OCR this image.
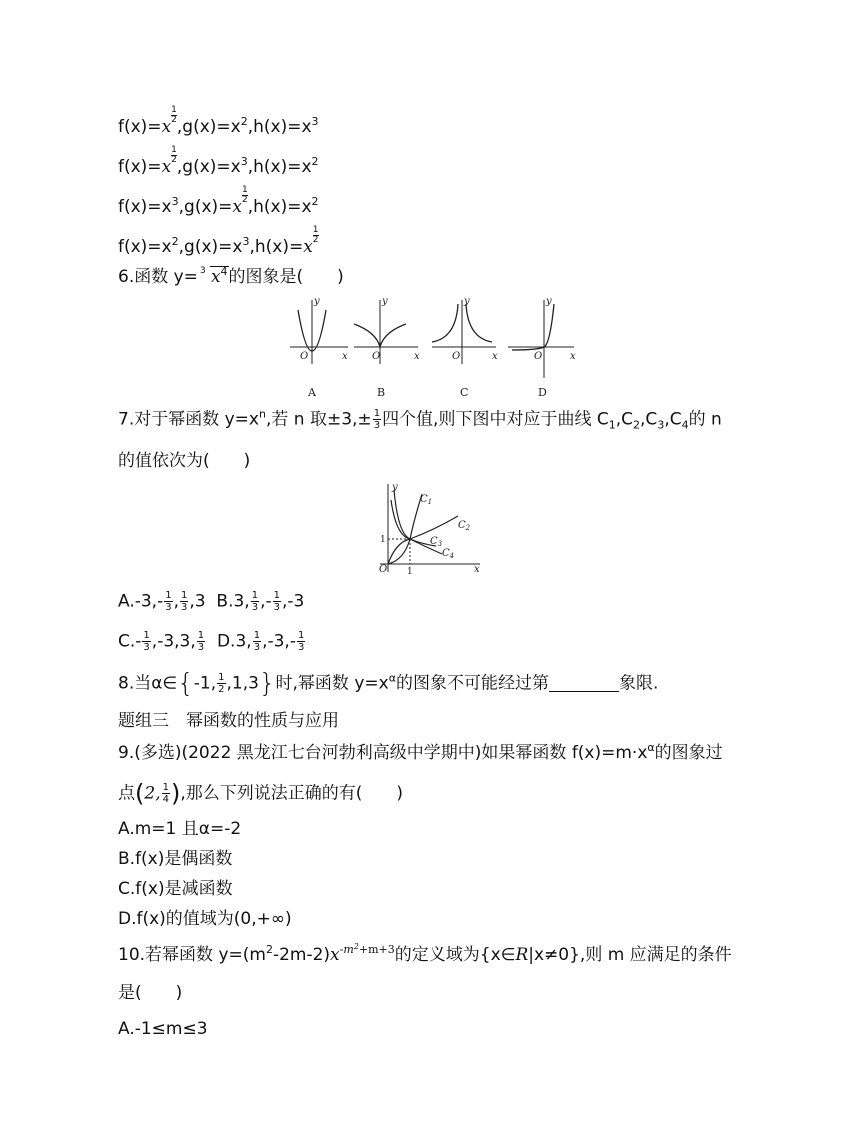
f(x)=x
$\frac{1}{2}$
$,g(x)=x^2,h(x)=x^3$
f(x)=x
$\frac{1}{2}$
$,g(x)=x^3,h(x)=x^2$
$f(x)=x^3,g(x)=x$
$\frac{1}{2}$
$,h(x)=x^2$
$f(x)=x^2,g(x)=x^3,h(x)=x$
$\frac{1}{2}$
6.函数 y= 3 $x^4$的图象是(　　)
y
x
O
y
x
O
y
x
O
y
x
O
A	B	C	D
7.对于幂函数 $y=x^n$,若 n 取$\pm 3,\pm \frac{1}{3}$ 四个值,则下图中对应于曲线 $C_1,C_2,C_3,C_4$的 n
的值依次为(　　)
y
x
O
$C_1$
$C_2$
$C_3$
$C_4$
1
1
$A.-3,- \frac{1}{3}$ , $\frac{1}{3} ,3$  B.3, $\frac{1}{3}$ ,- $\frac{1}{3} ,-3$
$C.- \frac{1}{3} ,-3,3$, $\frac{1}{3} D.3$, $\frac{1}{3} ,-3,- \frac{1}{3}$
8.当α∈{-1, $\frac{1}{2} ,1,3$}时,幂函数 $y=x^\alpha$的图象不可能经过第	象限.
题组三　幂函数的性质与应用
9.(多选)(2022 黑龙江七台河勃利高级中学期中)如果幂函数 $f(x)=m\cdot x^\alpha$的图象过
点(2, $\frac{1}{4}$ ),那么下列说法正确的有(　　)
A.m=1 且α=-2
B.f(x)是偶函数
C.f(x)是减函数
D.f(x)的值域为(0,+∞)
10.若幂函数 $y=(m^2-2m-2)x^{-m^2+m+3}$的定义域为{x∈R|x≠0},则 m 应满足的条件
是(　　)
A.-1≤m≤3
